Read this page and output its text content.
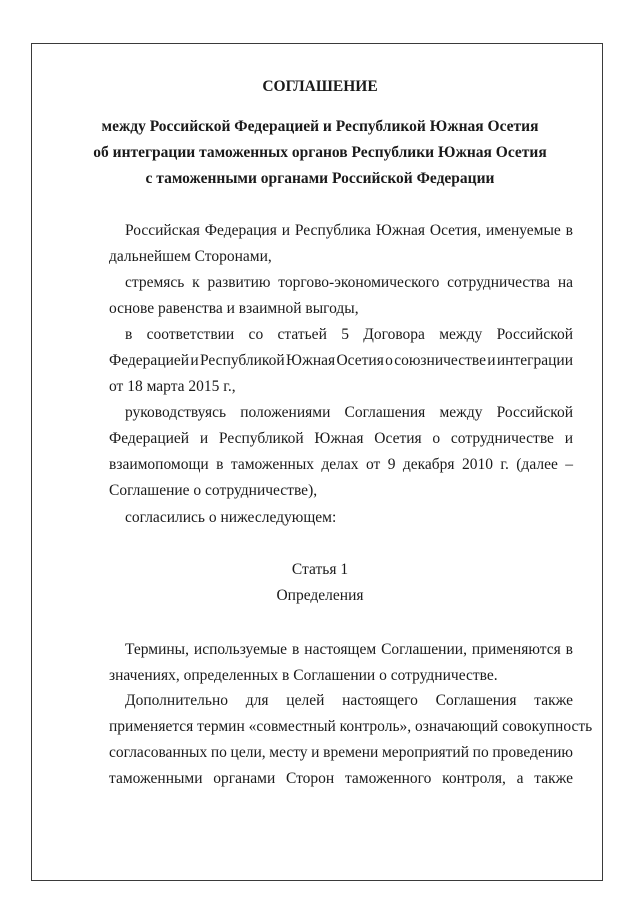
СОГЛАШЕНИЕ
между Российской Федерацией и Республикой Южная Осетия
об интеграции таможенных органов Республики Южная Осетия
с таможенными органами Российской Федерации
Российская Федерация и Республика Южная Осетия, именуемые в
дальнейшем Сторонами,
стремясь к развитию торгово-экономического сотрудничества на
основе равенства и взаимной выгоды,
в соответствии со статьей 5 Договора между Российской
Федерацией и Республикой Южная Осетия о союзничестве и интеграции
от 18 марта 2015 г.,
руководствуясь положениями Соглашения между Российской
Федерацией и Республикой Южная Осетия о сотрудничестве и
взаимопомощи в таможенных делах от 9 декабря 2010 г. (далее –
Соглашение о сотрудничестве),
согласились о нижеследующем:
Статья 1
Определения
Термины, используемые в настоящем Соглашении, применяются в
значениях, определенных в Соглашении о сотрудничестве.
Дополнительно для целей настоящего Соглашения также
применяется термин «совместный контроль», означающий совокупность
согласованных по цели, месту и времени мероприятий по проведению
таможенными органами Сторон таможенного контроля, а также
